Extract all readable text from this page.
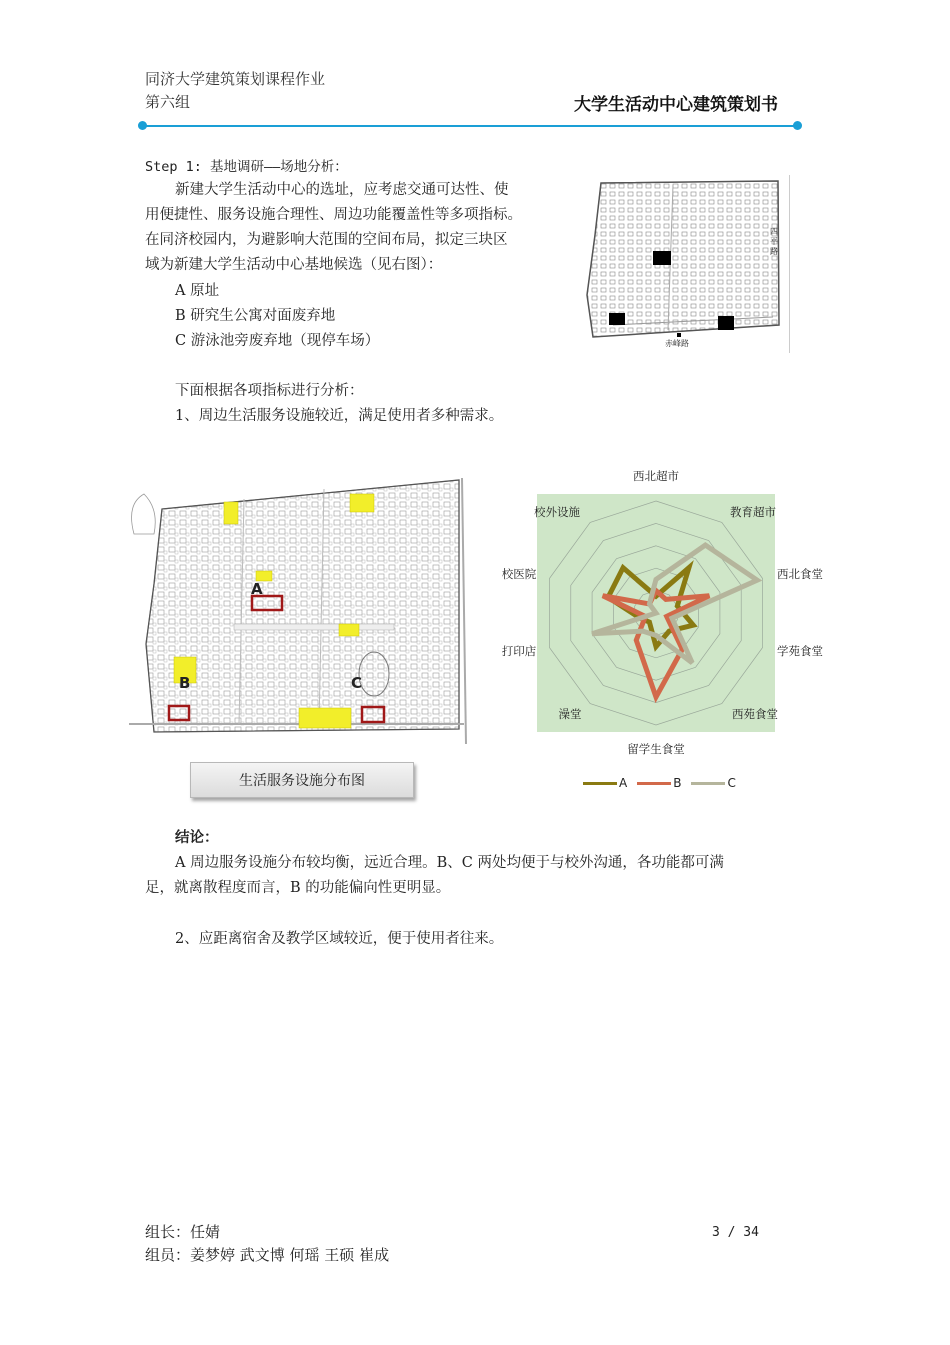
同济大学建筑策划课程作业
第六组	大学生活动中心建筑策划书
Step 1: 基地调研——场地分析：
新建大学生活动中心的选址，应考虑交通可达性、使
用便捷性、服务设施合理性、周边功能覆盖性等多项指标。
在同济校园内，为避影响大范围的空间布局，拟定三块区
域为新建大学生活动中心基地候选（见右图）：
A 原址
B 研究生公寓对面废弃地
C 游泳池旁废弃地（现停车场）
下面根据各项指标进行分析：
1、周边生活服务设施较近，满足使用者多种需求。
四平路
赤峰路
A
B	C
生活服务设施分布图
西北超市
教育超市
西北食堂
学苑食堂
西苑食堂
留学生食堂
澡堂
打印店
校医院
校外设施
A	B	C
结论：
A 周边服务设施分布较均衡，远近合理。B、C 两处均便于与校外沟通，各功能都可满
足，就离散程度而言，B 的功能偏向性更明显。
2、应距离宿舍及教学区域较近，便于使用者往来。
组长：任婧
组员：姜梦婷 武文博 何瑶 王硕 崔成
3 / 34
